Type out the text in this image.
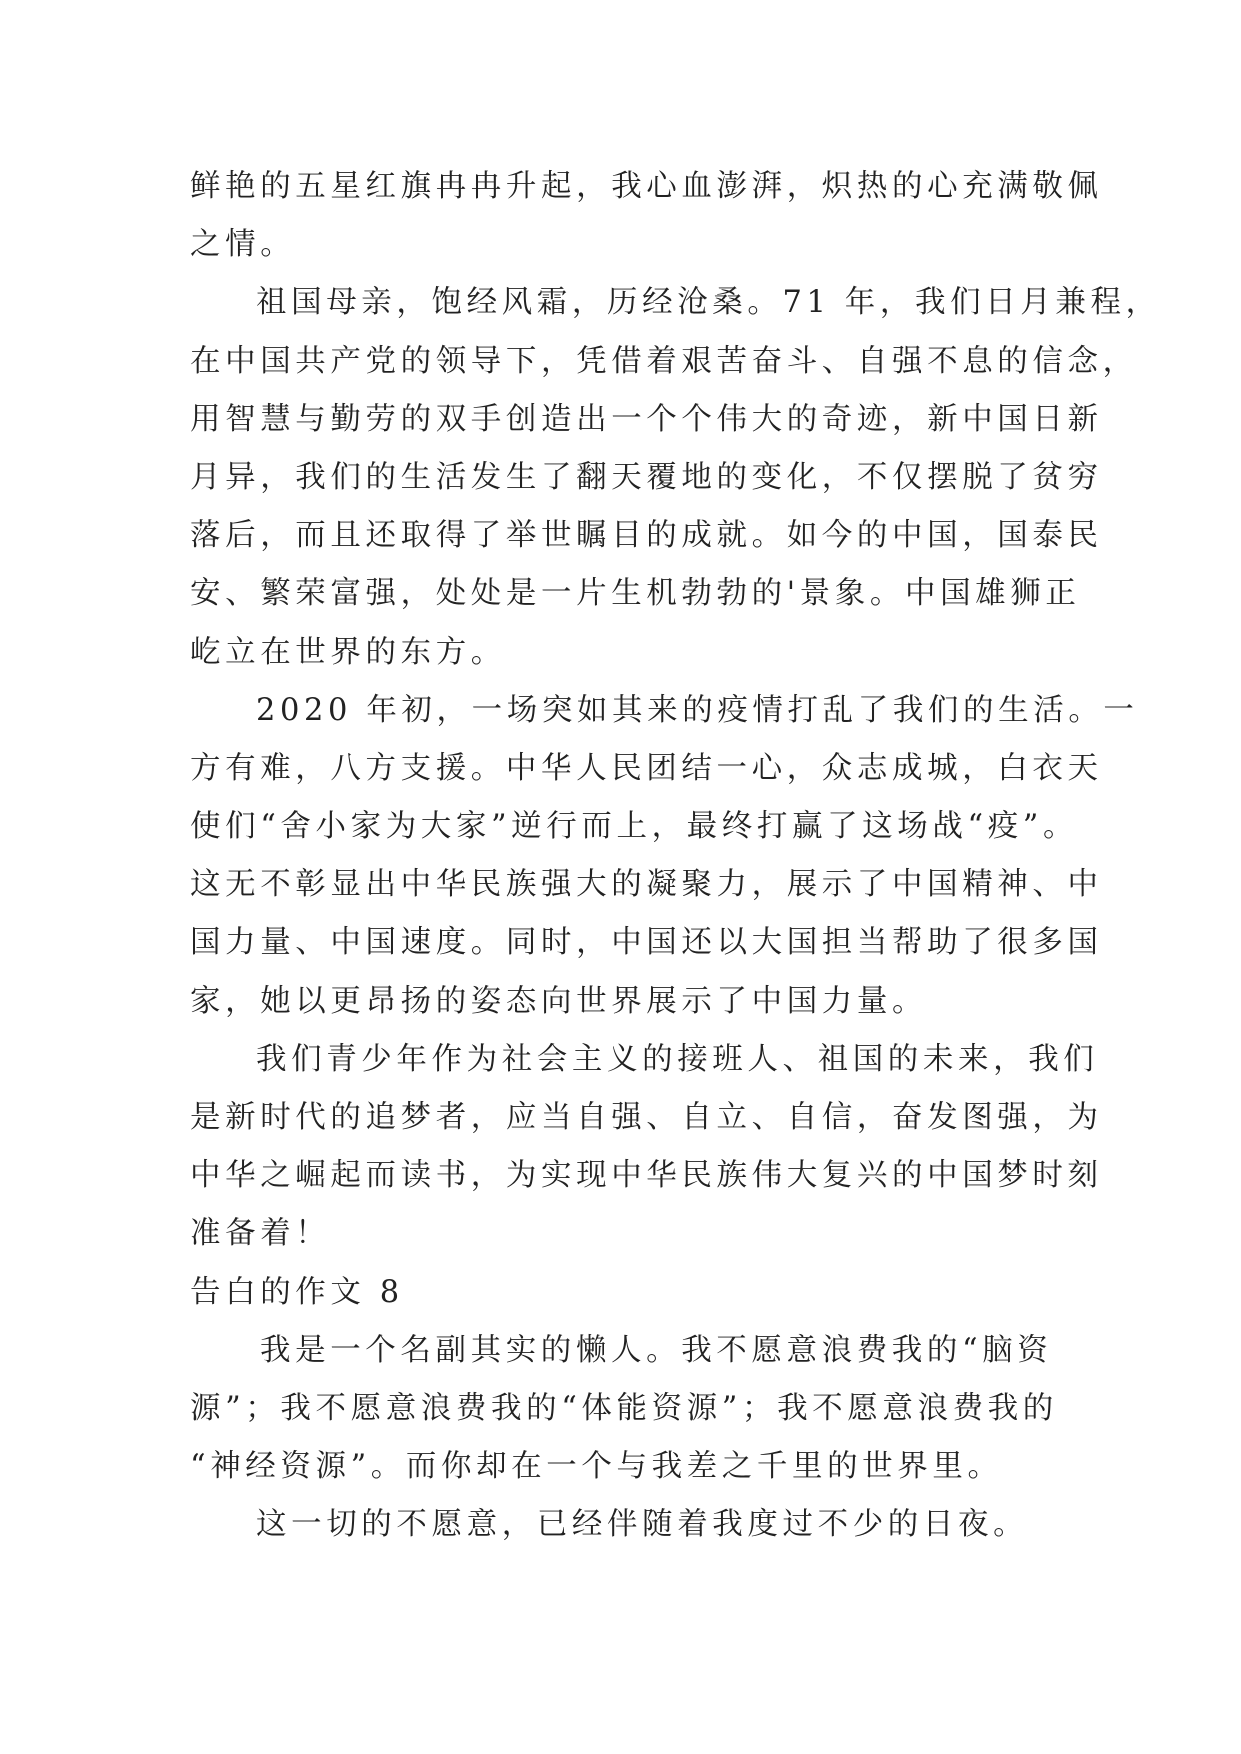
鲜艳的五星红旗冉冉升起，我心血澎湃，炽热的心充满敬佩
之情。
祖国母亲，饱经风霜，历经沧桑。71 年，我们日月兼程，
在中国共产党的领导下，凭借着艰苦奋斗、自强不息的信念，
用智慧与勤劳的双手创造出一个个伟大的奇迹，新中国日新
月异，我们的生活发生了翻天覆地的变化，不仅摆脱了贫穷
落后，而且还取得了举世瞩目的成就。如今的中国，国泰民
安、繁荣富强，处处是一片生机勃勃的'景象。中国雄狮正
屹立在世界的东方。
2020 年初，一场突如其来的疫情打乱了我们的生活。一
方有难，八方支援。中华人民团结一心，众志成城，白衣天
使们“舍小家为大家”逆行而上，最终打赢了这场战“疫”。
这无不彰显出中华民族强大的凝聚力，展示了中国精神、中
国力量、中国速度。同时，中国还以大国担当帮助了很多国
家，她以更昂扬的姿态向世界展示了中国力量。
我们青少年作为社会主义的接班人、祖国的未来，我们
是新时代的追梦者，应当自强、自立、自信，奋发图强，为
中华之崛起而读书，为实现中华民族伟大复兴的中国梦时刻
准备着！
告白的作文 8
我是一个名副其实的懒人。我不愿意浪费我的“脑资
源”；我不愿意浪费我的“体能资源”；我不愿意浪费我的
“神经资源”。而你却在一个与我差之千里的世界里。
这一切的不愿意，已经伴随着我度过不少的日夜。
